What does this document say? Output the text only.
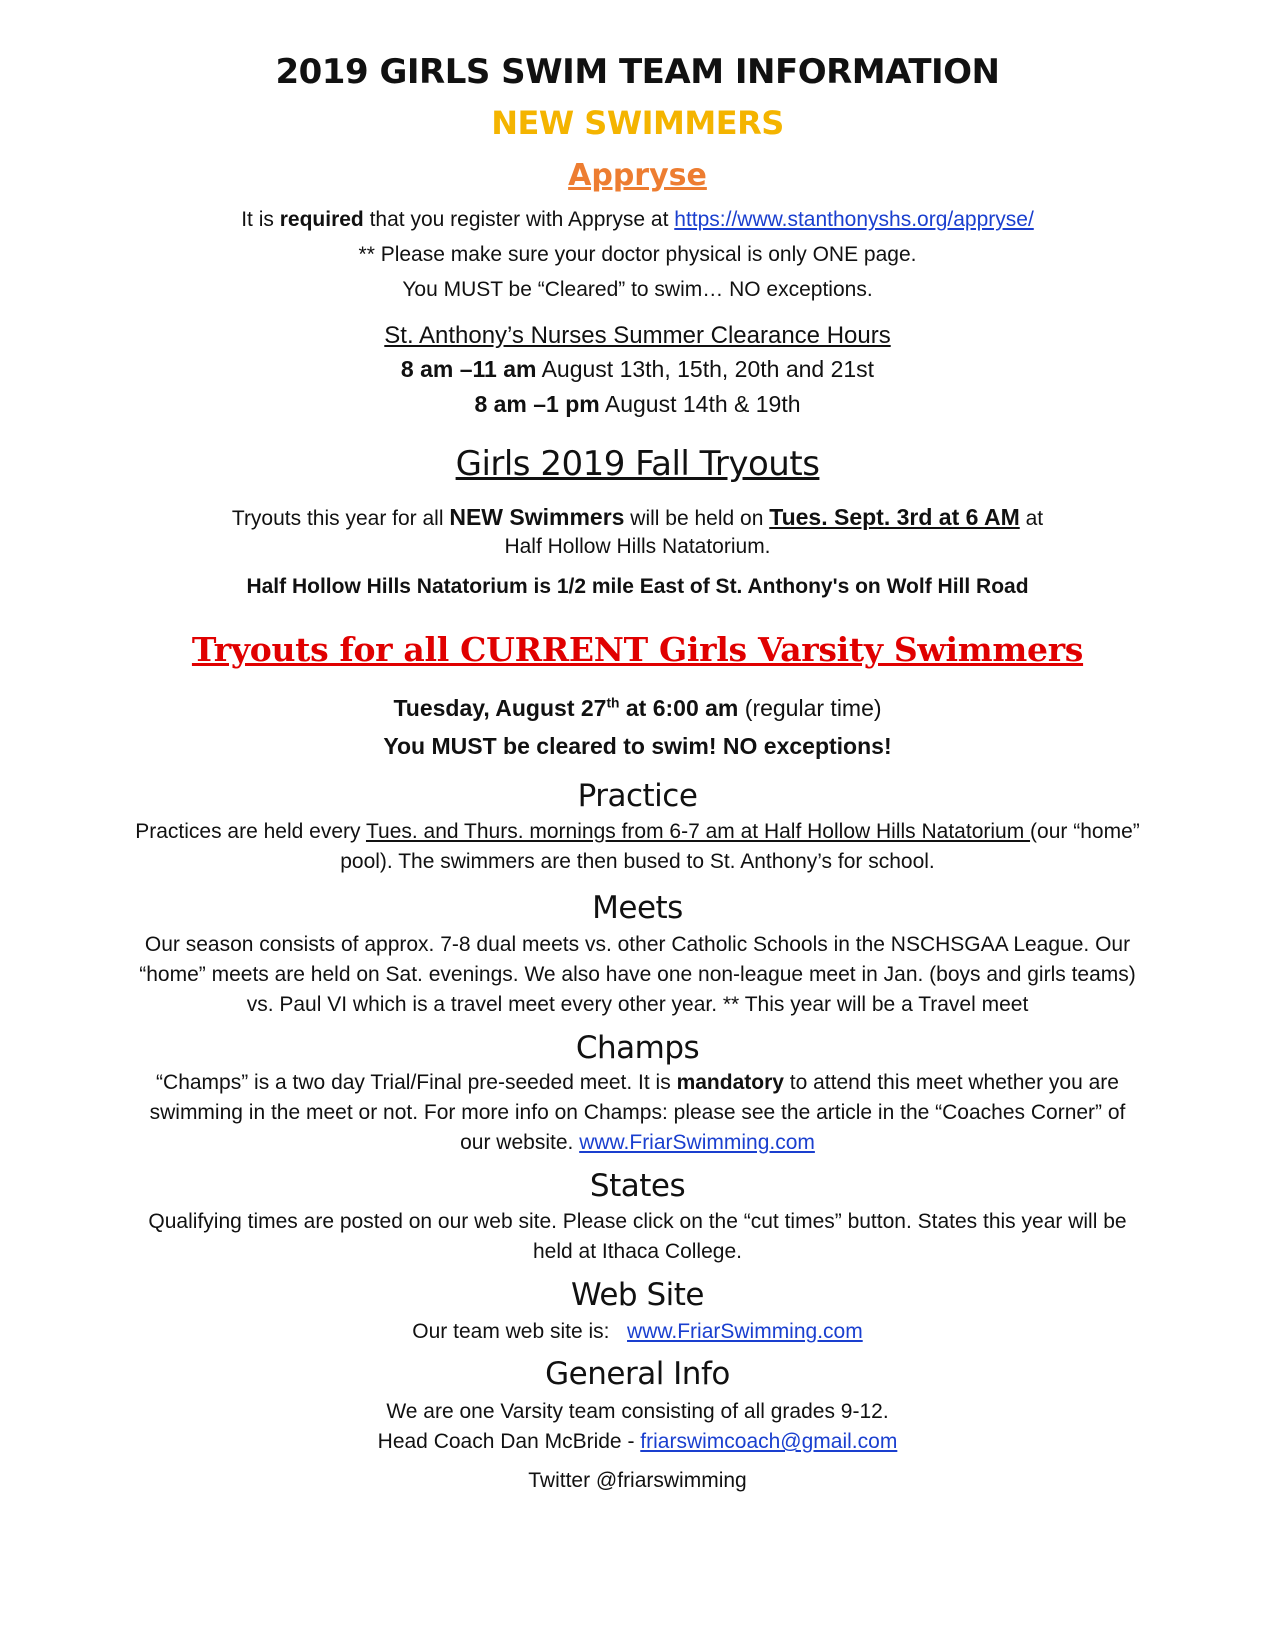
2019 GIRLS SWIM TEAM INFORMATION
NEW SWIMMERS
Appryse
It is required that you register with Appryse at https://www.stanthonyshs.org/appryse/
** Please make sure your doctor physical is only ONE page.
You MUST be “Cleared” to swim… NO exceptions.
St. Anthony’s Nurses Summer Clearance Hours
8 am –11 am August 13th, 15th, 20th and 21st
8 am –1 pm August 14th & 19th
Girls 2019 Fall Tryouts
Tryouts this year for all NEW Swimmers will be held on Tues. Sept. 3rd at 6 AM at
Half Hollow Hills Natatorium.
Half Hollow Hills Natatorium is 1/2 mile East of St. Anthony's on Wolf Hill Road
Tryouts for all CURRENT Girls Varsity Swimmers
Tuesday, August 27th at 6:00 am (regular time)
You MUST be cleared to swim! NO exceptions!
Practice
Practices are held every Tues. and Thurs. mornings from 6-7 am at Half Hollow Hills Natatorium (our “home”
pool). The swimmers are then bused to St. Anthony’s for school.
Meets
Our season consists of approx. 7-8 dual meets vs. other Catholic Schools in the NSCHSGAA League. Our
“home” meets are held on Sat. evenings. We also have one non-league meet in Jan. (boys and girls teams)
vs. Paul VI which is a travel meet every other year. ** This year will be a Travel meet
Champs
“Champs” is a two day Trial/Final pre-seeded meet. It is mandatory to attend this meet whether you are
swimming in the meet or not. For more info on Champs: please see the article in the “Coaches Corner” of
our website. www.FriarSwimming.com
States
Qualifying times are posted on our web site. Please click on the “cut times” button. States this year will be
held at Ithaca College.
Web Site
Our team web site is:   www.FriarSwimming.com
General Info
We are one Varsity team consisting of all grades 9-12.
Head Coach Dan McBride - friarswimcoach@gmail.com
Twitter @friarswimming
